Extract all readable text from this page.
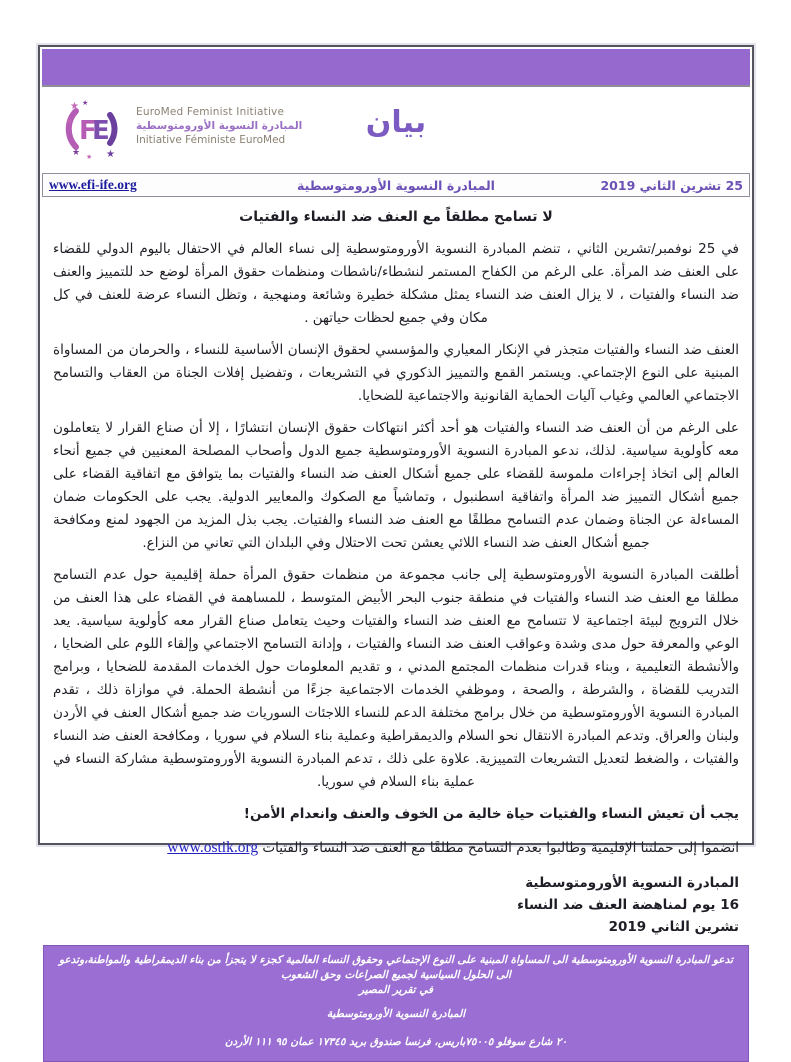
F
E
★ ★
★
★ ★ ★
EuroMed Feminist Initiative
المبادرة النسوية الأورومتوسطية
Initiative Féministe EuroMed	بيان
25 تشرين الثاني 2019
المبادرة النسوية الأورومتوسطية
www.efi-ife.org
لا تسامح مطلقاً مع العنف ضد النساء والفتيات

في 25 نوفمبر/تشرين الثاني ، تنضم المبادرة النسوية الأورومتوسطية إلى نساء العالم في الاحتفال باليوم الدولي للقضاء على العنف ضد المرأة. على الرغم من الكفاح المستمر لنشطاء/ناشطات ومنظمات حقوق المرأة لوضع حد للتمييز والعنف ضد النساء والفتيات ، لا يزال العنف ضد النساء يمثل مشكلة خطيرة وشائعة ومنهجية ، وتظل النساء عرضة للعنف في كل مكان وفي جميع لحظات حياتهن .

العنف ضد النساء والفتيات متجذر في الإنكار المعياري والمؤسسي لحقوق الإنسان الأساسية للنساء ، والحرمان من المساواة المبنية على النوع الإجتماعي. ويستمر القمع والتمييز الذكوري في التشريعات ، وتفضيل إفلات الجناة من العقاب والتسامح الاجتماعي العالمي وغياب آليات الحماية القانونية والاجتماعية للضحايا.

على الرغم من أن العنف ضد النساء والفتيات هو أحد أكثر انتهاكات حقوق الإنسان انتشارًا ، إلا أن صناع القرار لا يتعاملون معه كأولوية سياسية. لذلك، ندعو المبادرة النسوية الأورومتوسطية جميع الدول وأصحاب المصلحة المعنيين في جميع أنحاء العالم إلى اتخاذ إجراءات ملموسة للقضاء على جميع أشكال العنف ضد النساء والفتيات بما يتوافق مع اتفاقية القضاء على جميع أشكال التمييز ضد المرأة واتفاقية اسطنبول ، وتماشياً مع الصكوك والمعايير الدولية. يجب على الحكومات ضمان المساءلة عن الجناة وضمان عدم التسامح مطلقًا مع العنف ضد النساء والفتيات. يجب بذل المزيد من الجهود لمنع ومكافحة جميع أشكال العنف ضد النساء اللائي يعشن تحت الاحتلال وفي البلدان التي تعاني من النزاع.

أطلقت المبادرة النسوية الأورومتوسطية إلى جانب مجموعة من منظمات حقوق المرأة حملة إقليمية حول عدم التسامح مطلقا مع العنف ضد النساء والفتيات في منطقة جنوب البحر الأبيض المتوسط ، للمساهمة في القضاء على هذا العنف من خلال الترويج لبيئة اجتماعية لا تتسامح مع العنف ضد النساء والفتيات وحيث يتعامل صناع القرار معه كأولوية سياسية. يعد الوعي والمعرفة حول مدى وشدة وعواقب العنف ضد النساء والفتيات ، وإدانة التسامح الاجتماعي وإلقاء اللوم على الضحايا ، والأنشطة التعليمية ، وبناء قدرات منظمات المجتمع المدني ، و تقديم المعلومات حول الخدمات المقدمة للضحايا ، وبرامج التدريب للقضاة ، والشرطة ، والصحة ، وموظفي الخدمات الاجتماعية جزءًا من أنشطة الحملة. في موازاة ذلك ، تقدم المبادرة النسوية الأورومتوسطية من خلال برامج مختلفة الدعم للنساء اللاجئات السوريات ضد جميع أشكال العنف في الأردن ولبنان والعراق. وتدعم المبادرة الانتقال نحو السلام والديمقراطية وعملية بناء السلام في سوريا ، ومكافحة العنف ضد النساء والفتيات ، والضغط لتعديل التشريعات التمييزية. علاوة على ذلك ، تدعم المبادرة النسوية الأورومتوسطية مشاركة النساء في عملية بناء السلام في سوريا.

يجب أن تعيش النساء والفتيات حياة خالية من الخوف والعنف وانعدام الأمن!
انضموا إلى حملتنا الإقليمية وطالبوا بعدم التسامح مطلقًا مع العنف ضد النساء والفتيات www.ostik.org
المبادرة النسوية الأورومتوسطية
16 يوم لمناهضة العنف ضد النساء
تشرين الثاني 2019
تدعو المبادرة النسوية الأورومتوسطية الى المساواة المبنية على النوع الإجتماعي وحقوق النساء العالمية كجزء لا يتجزأ من بناء الديمقراطية والمواطنة،وتدعو الى الحلول السياسية لجميع الصراعات وحق الشعوب
في تقرير المصير
المبادرة النسوية الأورومتوسطية
٢٠ شارع سوفلو ٧٥٠٠٥باريس، فرنسا صندوق بريد ١٧٣٤٥ عمان ٩٥ ١١١ الأردن
